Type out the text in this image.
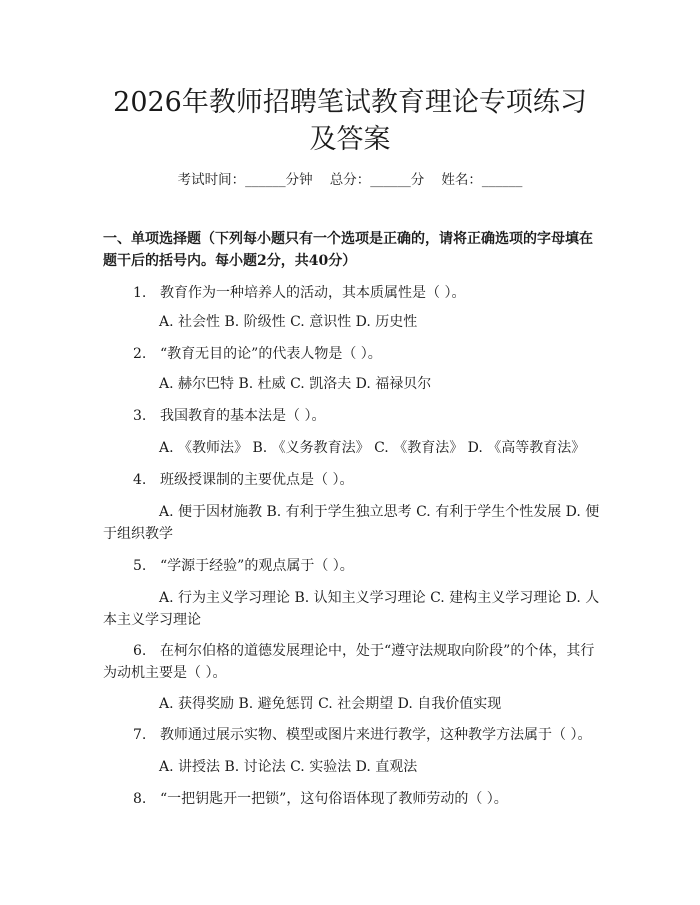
2026年教师招聘笔试教育理论专项练习及答案
考试时间：______分钟    总分：______分    姓名：______
一、单项选择题（下列每小题只有一个选项是正确的，请将正确选项的字母填在题干后的括号内。每小题2分，共40分）
1. 教育作为一种培养人的活动，其本质属性是（ ）。
A. 社会性 B. 阶级性 C. 意识性 D. 历史性
2. “教育无目的论”的代表人物是（ ）。
A. 赫尔巴特 B. 杜威 C. 凯洛夫 D. 福禄贝尔
3. 我国教育的基本法是（ ）。
A. 《教师法》 B. 《义务教育法》 C. 《教育法》 D. 《高等教育法》
4. 班级授课制的主要优点是（ ）。
A. 便于因材施教 B. 有利于学生独立思考 C. 有利于学生个性发展 D. 便于组织教学
5. “学源于经验”的观点属于（ ）。
A. 行为主义学习理论 B. 认知主义学习理论 C. 建构主义学习理论 D. 人本主义学习理论
6. 在柯尔伯格的道德发展理论中，处于“遵守法规取向阶段”的个体，其行为动机主要是（ ）。
A. 获得奖励 B. 避免惩罚 C. 社会期望 D. 自我价值实现
7. 教师通过展示实物、模型或图片来进行教学，这种教学方法属于（ ）。
A. 讲授法 B. 讨论法 C. 实验法 D. 直观法
8. “一把钥匙开一把锁”，这句俗语体现了教师劳动的（ ）。
